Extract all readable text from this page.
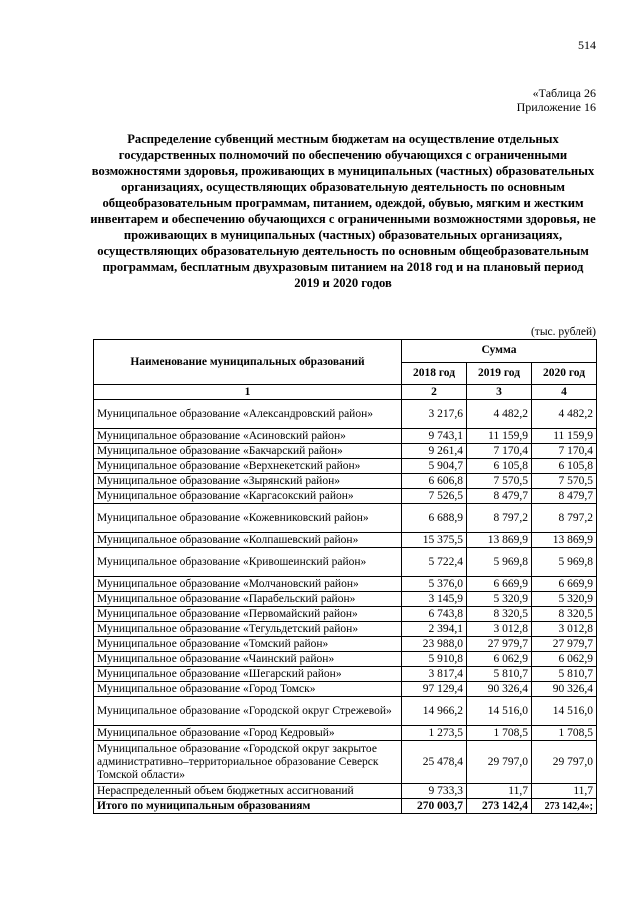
514
«Таблица 26
Приложение 16
Распределение субвенций местным бюджетам на осуществление отдельных государственных полномочий по обеспечению обучающихся с ограниченными возможностями здоровья, проживающих в муниципальных (частных) образовательных организациях, осуществляющих образовательную деятельность по основным общеобразовательным программам, питанием, одеждой, обувью, мягким и жестким инвентарем и обеспечению обучающихся с ограниченными возможностями здоровья, не проживающих в муниципальных (частных) образовательных организациях, осуществляющих образовательную деятельность по основным общеобразовательным программам, бесплатным двухразовым питанием на 2018 год и на плановый период 2019 и 2020 годов
(тыс. рублей)
Наименование муниципальных образований	Сумма		
	2018 год	2019 год	2020 год
1	2	3	4
Муниципальное образование «Александровский район»	3 217,6	4 482,2	4 482,2
Муниципальное образование «Асиновский район»	9 743,1	11 159,9	11 159,9
Муниципальное образование «Бакчарский район»	9 261,4	7 170,4	7 170,4
Муниципальное образование «Верхнекетский район»	5 904,7	6 105,8	6 105,8
Муниципальное образование «Зырянский район»	6 606,8	7 570,5	7 570,5
Муниципальное образование «Каргасокский район»	7 526,5	8 479,7	8 479,7
Муниципальное образование «Кожевниковский район»	6 688,9	8 797,2	8 797,2
Муниципальное образование «Колпашевский район»	15 375,5	13 869,9	13 869,9
Муниципальное образование «Кривошеинский район»	5 722,4	5 969,8	5 969,8
Муниципальное образование «Молчановский район»	5 376,0	6 669,9	6 669,9
Муниципальное образование «Парабельский район»	3 145,9	5 320,9	5 320,9
Муниципальное образование «Первомайский район»	6 743,8	8 320,5	8 320,5
Муниципальное образование «Тегульдетский район»	2 394,1	3 012,8	3 012,8
Муниципальное образование «Томский район»	23 988,0	27 979,7	27 979,7
Муниципальное образование «Чаинский район»	5 910,8	6 062,9	6 062,9
Муниципальное образование «Шегарский район»	3 817,4	5 810,7	5 810,7
Муниципальное образование «Город Томск»	97 129,4	90 326,4	90 326,4
Муниципальное образование «Городской округ Стрежевой»	14 966,2	14 516,0	14 516,0
Муниципальное образование «Город Кедровый»	1 273,5	1 708,5	1 708,5
Муниципальное образование «Городской округ закрытое административно–территориальное образование Северск Томской области»	25 478,4	29 797,0	29 797,0
Нераспределенный объем бюджетных ассигнований	9 733,3	11,7	11,7
Итого по муниципальным образованиям	270 003,7	273 142,4	273 142,4»;
